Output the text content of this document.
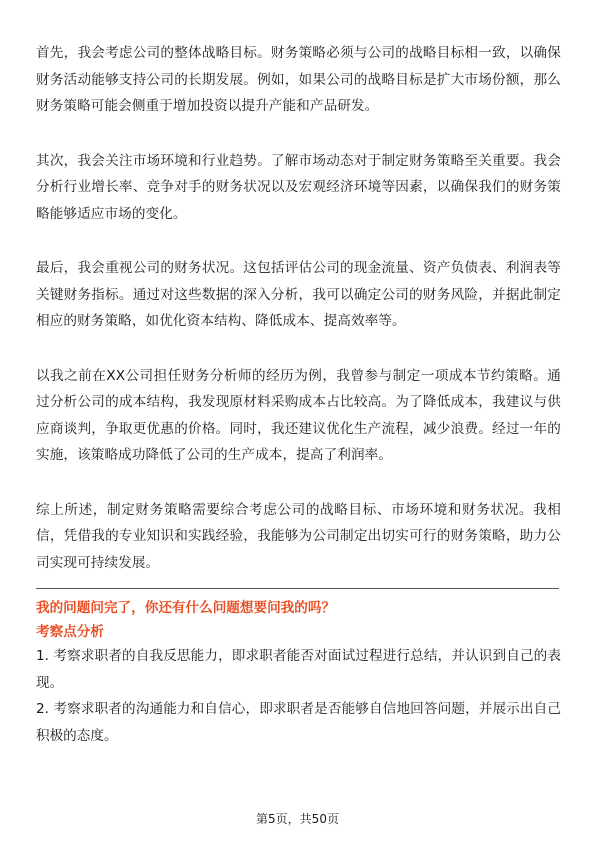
首先，我会考虑公司的整体战略目标。财务策略必须与公司的战略目标相一致，以确保财务活动能够支持公司的长期发展。例如，如果公司的战略目标是扩大市场份额，那么财务策略可能会侧重于增加投资以提升产能和产品研发。

其次，我会关注市场环境和行业趋势。了解市场动态对于制定财务策略至关重要。我会分析行业增长率、竞争对手的财务状况以及宏观经济环境等因素，以确保我们的财务策略能够适应市场的变化。

最后，我会重视公司的财务状况。这包括评估公司的现金流量、资产负债表、利润表等关键财务指标。通过对这些数据的深入分析，我可以确定公司的财务风险，并据此制定相应的财务策略，如优化资本结构、降低成本、提高效率等。

以我之前在XX公司担任财务分析师的经历为例，我曾参与制定一项成本节约策略。通过分析公司的成本结构，我发现原材料采购成本占比较高。为了降低成本，我建议与供应商谈判，争取更优惠的价格。同时，我还建议优化生产流程，减少浪费。经过一年的实施，该策略成功降低了公司的生产成本，提高了利润率。

综上所述，制定财务策略需要综合考虑公司的战略目标、市场环境和财务状况。我相信，凭借我的专业知识和实践经验，我能够为公司制定出切实可行的财务策略，助力公司实现可持续发展。

我的问题问完了，你还有什么问题想要问我的吗？

考察点分析

1. 考察求职者的自我反思能力，即求职者能否对面试过程进行总结，并认识到自己的表现。

2. 考察求职者的沟通能力和自信心，即求职者是否能够自信地回答问题，并展示出自己积极的态度。

第5页，共50页
